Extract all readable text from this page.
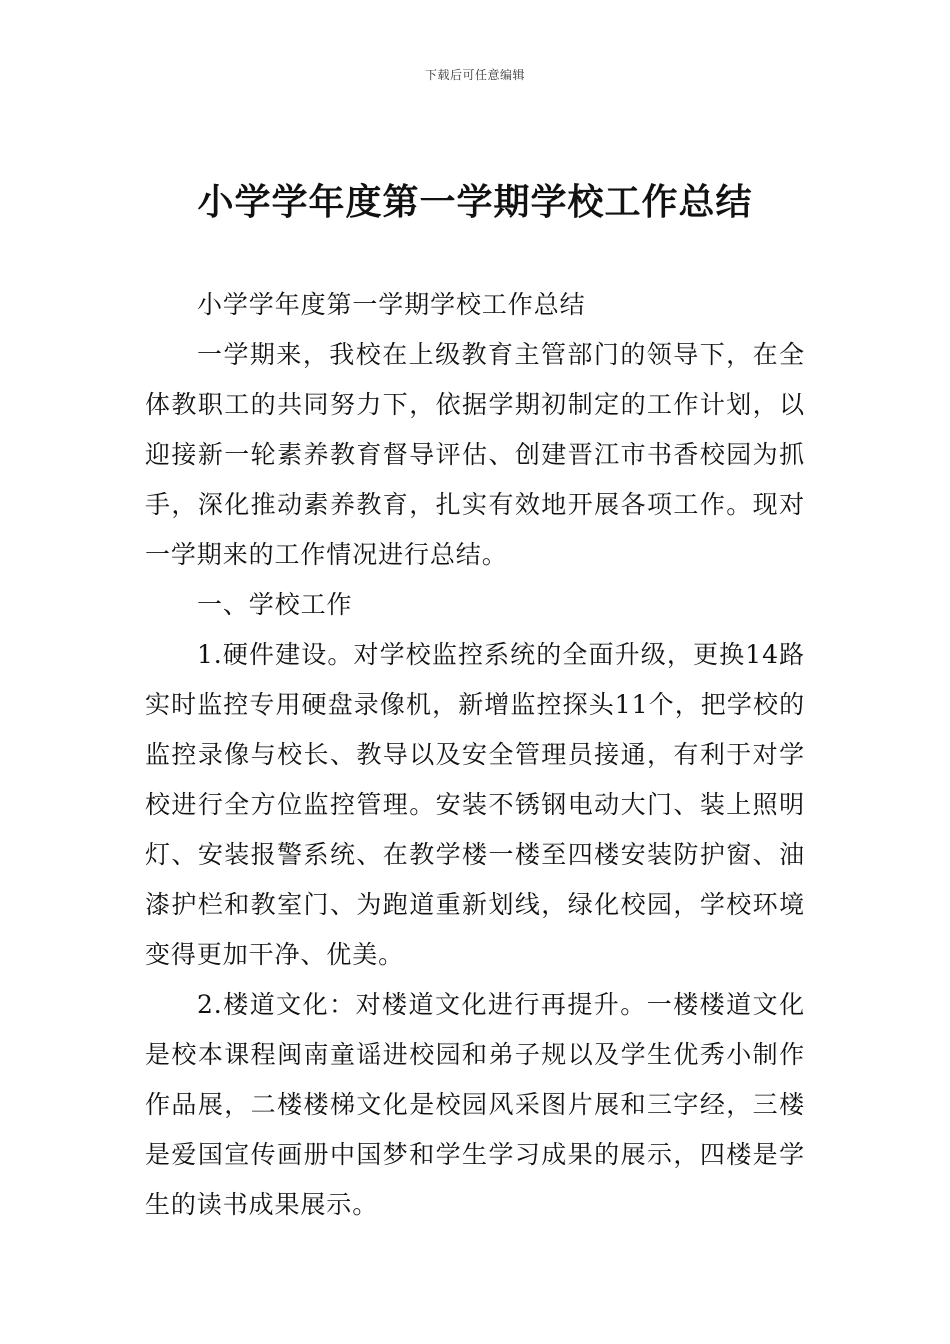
下载后可任意编辑
小学学年度第一学期学校工作总结

小学学年度第一学期学校工作总结

一学期来，我校在上级教育主管部门的领导下，在全体教职工的共同努力下，依据学期初制定的工作计划，以迎接新一轮素养教育督导评估、创建晋江市书香校园为抓手，深化推动素养教育，扎实有效地开展各项工作。现对一学期来的工作情况进行总结。

一、学校工作

1.硬件建设。对学校监控系统的全面升级，更换14路实时监控专用硬盘录像机，新增监控探头11个，把学校的监控录像与校长、教导以及安全管理员接通，有利于对学校进行全方位监控管理。安装不锈钢电动大门、装上照明灯、安装报警系统、在教学楼一楼至四楼安装防护窗、油漆护栏和教室门、为跑道重新划线，绿化校园，学校环境变得更加干净、优美。

2.楼道文化：对楼道文化进行再提升。一楼楼道文化是校本课程闽南童谣进校园和弟子规以及学生优秀小制作作品展，二楼楼梯文化是校园风采图片展和三字经，三楼是爱国宣传画册中国梦和学生学习成果的展示，四楼是学生的读书成果展示。
